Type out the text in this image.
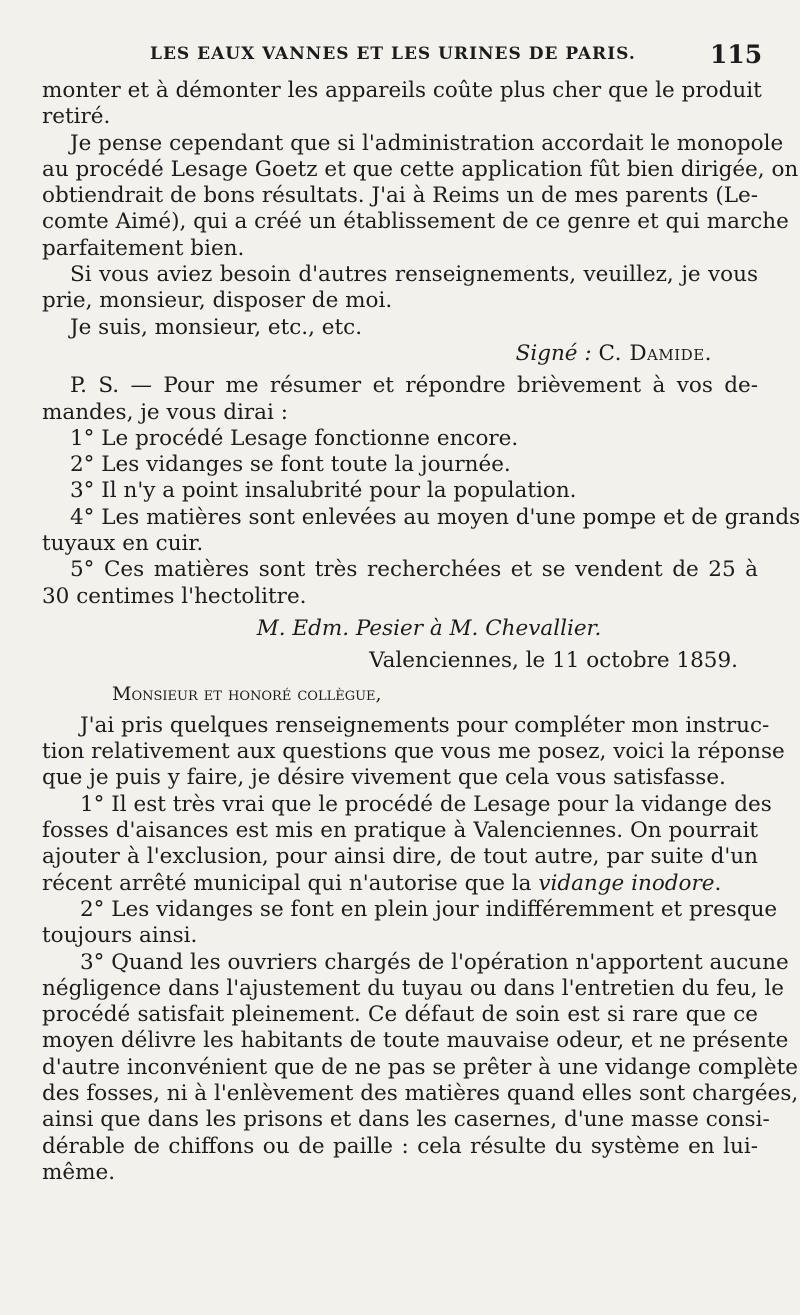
LES EAUX VANNES ET LES URINES DE PARIS.	115
monter et à démonter les appareils coûte plus cher que le produit
retiré.
Je pense cependant que si l'administration accordait le monopole
au procédé Lesage Goetz et que cette application fût bien dirigée, on
obtiendrait de bons résultats. J'ai à Reims un de mes parents (Le-
comte Aimé), qui a créé un établissement de ce genre et qui marche
parfaitement bien.
Si vous aviez besoin d'autres renseignements, veuillez, je vous
prie, monsieur, disposer de moi.
Je suis, monsieur, etc., etc.
Signé : C. Damide.
P. S. — Pour me résumer et répondre brièvement à vos de-
mandes, je vous dirai :
1° Le procédé Lesage fonctionne encore.
2° Les vidanges se font toute la journée.
3° Il n'y a point insalubrité pour la population.
4° Les matières sont enlevées au moyen d'une pompe et de grands
tuyaux en cuir.
5° Ces matières sont très recherchées et se vendent de 25 à
30 centimes l'hectolitre.
M. Edm. Pesier à M. Chevallier.
Valenciennes, le 11 octobre 1859.
Monsieur et honoré collègue,
J'ai pris quelques renseignements pour compléter mon instruc-
tion relativement aux questions que vous me posez, voici la réponse
que je puis y faire, je désire vivement que cela vous satisfasse.
1° Il est très vrai que le procédé de Lesage pour la vidange des
fosses d'aisances est mis en pratique à Valenciennes. On pourrait
ajouter à l'exclusion, pour ainsi dire, de tout autre, par suite d'un
récent arrêté municipal qui n'autorise que la vidange inodore.
2° Les vidanges se font en plein jour indifféremment et presque
toujours ainsi.
3° Quand les ouvriers chargés de l'opération n'apportent aucune
négligence dans l'ajustement du tuyau ou dans l'entretien du feu, le
procédé satisfait pleinement. Ce défaut de soin est si rare que ce
moyen délivre les habitants de toute mauvaise odeur, et ne présente
d'autre inconvénient que de ne pas se prêter à une vidange complète
des fosses, ni à l'enlèvement des matières quand elles sont chargées,
ainsi que dans les prisons et dans les casernes, d'une masse consi-
dérable de chiffons ou de paille : cela résulte du système en lui-
même.
